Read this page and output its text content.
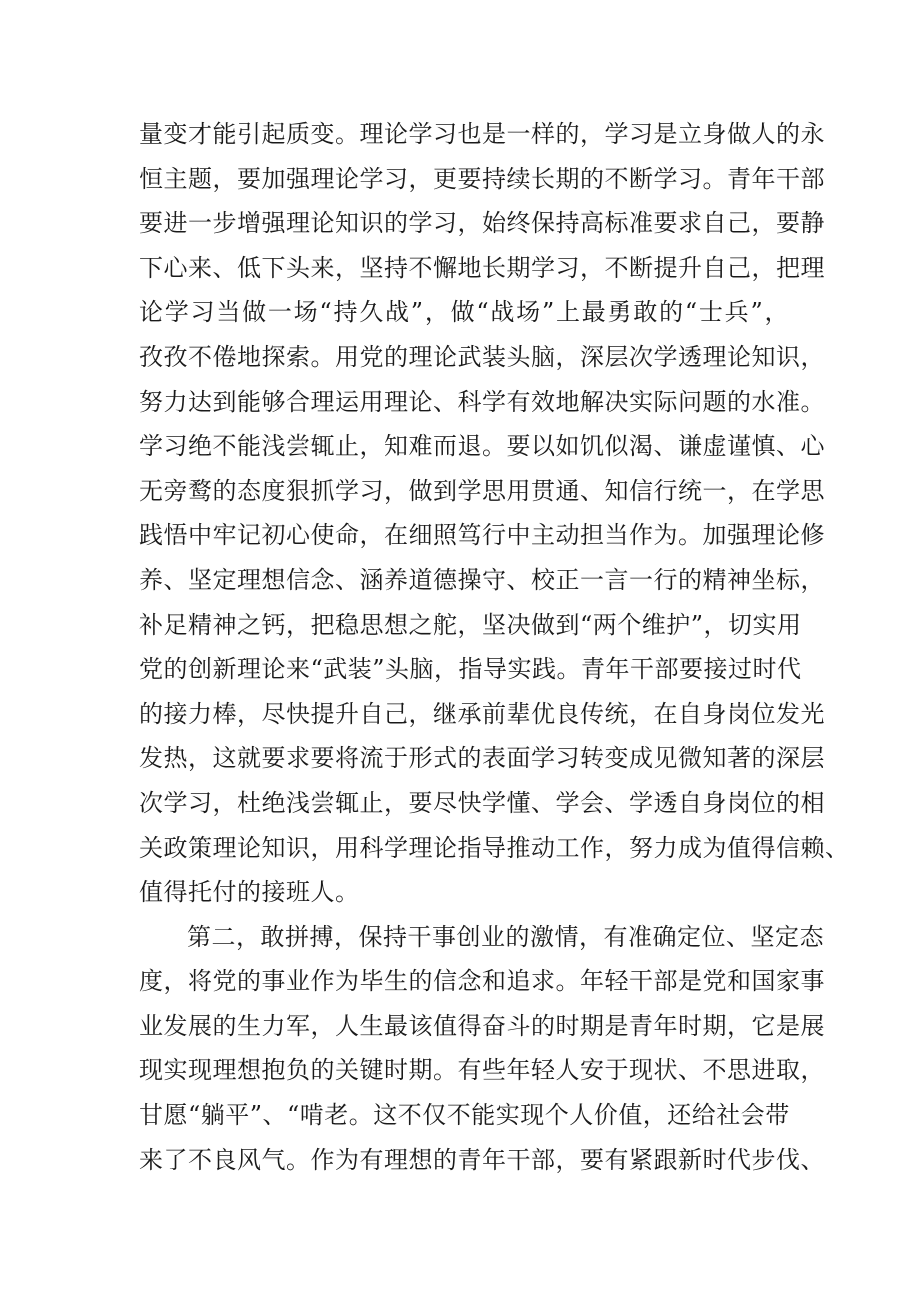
量变才能引起质变。理论学习也是一样的，学习是立身做人的永
恒主题，要加强理论学习，更要持续长期的不断学习。青年干部
要进一步增强理论知识的学习，始终保持高标准要求自己，要静
下心来、低下头来，坚持不懈地长期学习，不断提升自己，把理
论学习当做一场“持久战”，做“战场”上最勇敢的“士兵”，
孜孜不倦地探索。用党的理论武装头脑，深层次学透理论知识，
努力达到能够合理运用理论、科学有效地解决实际问题的水准。
学习绝不能浅尝辄止，知难而退。要以如饥似渴、谦虚谨慎、心
无旁鹜的态度狠抓学习，做到学思用贯通、知信行统一，在学思
践悟中牢记初心使命，在细照笃行中主动担当作为。加强理论修
养、坚定理想信念、涵养道德操守、校正一言一行的精神坐标，
补足精神之钙，把稳思想之舵，坚决做到“两个维护”，切实用
党的创新理论来“武装”头脑，指导实践。青年干部要接过时代
的接力棒，尽快提升自己，继承前辈优良传统，在自身岗位发光
发热，这就要求要将流于形式的表面学习转变成见微知著的深层
次学习，杜绝浅尝辄止，要尽快学懂、学会、学透自身岗位的相
关政策理论知识，用科学理论指导推动工作，努力成为值得信赖、
值得托付的接班人。
第二，敢拼搏，保持干事创业的激情，有准确定位、坚定态
度，将党的事业作为毕生的信念和追求。年轻干部是党和国家事
业发展的生力军，人生最该值得奋斗的时期是青年时期，它是展
现实现理想抱负的关键时期。有些年轻人安于现状、不思进取，
甘愿“躺平”、“啃老。这不仅不能实现个人价值，还给社会带
来了不良风气。作为有理想的青年干部，要有紧跟新时代步伐、
